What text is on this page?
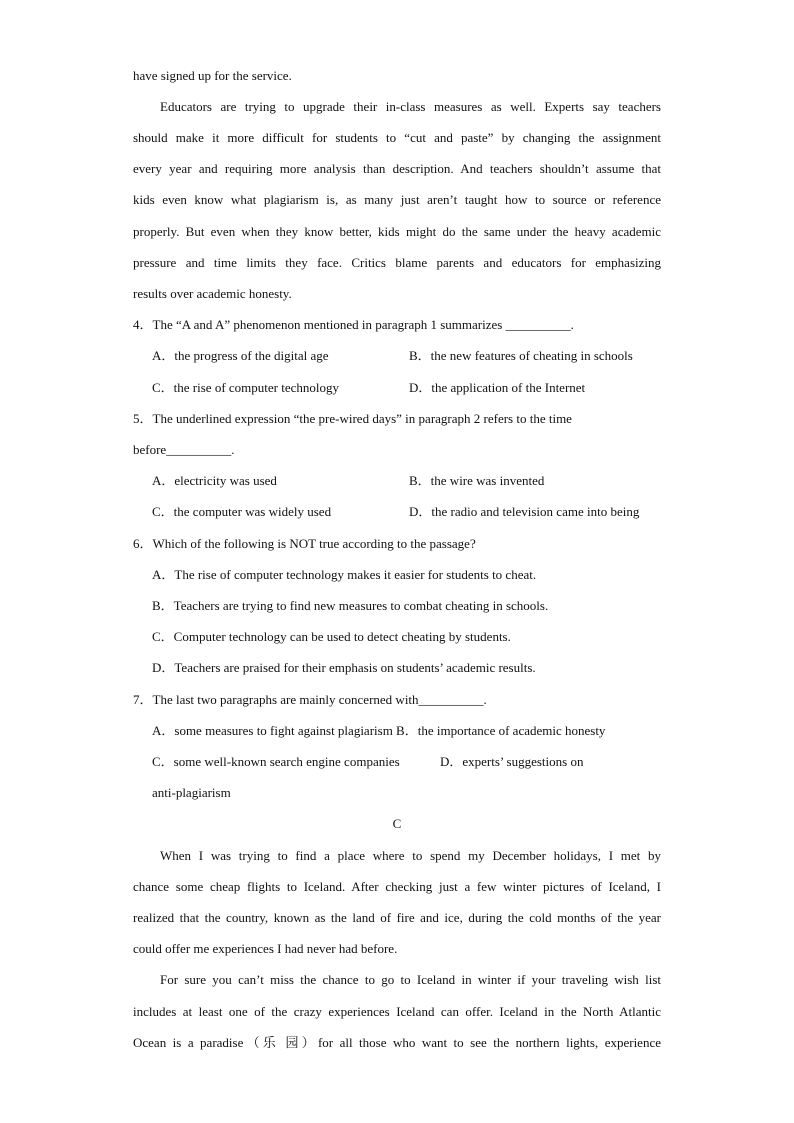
have signed up for the service.
Educators are trying to upgrade their in-class measures as well. Experts say teachers
should make it more difficult for students to “cut and paste” by changing the assignment
every year and requiring more analysis than description. And teachers shouldn’t assume that
kids even know what plagiarism is, as many just aren’t taught how to source or reference
properly. But even when they know better, kids might do the same under the heavy academic
pressure and time limits they face. Critics blame parents and educators for emphasizing
results over academic honesty.
4．The “A and A” phenomenon mentioned in paragraph 1 summarizes __________.
A．the progress of the digital age	B．the new features of cheating in schools
C．the rise of computer technology	D．the application of the Internet
5．The underlined expression “the pre-wired days” in paragraph 2 refers to the time
before__________.
A．electricity was used	B．the wire was invented
C．the computer was widely used	D．the radio and television came into being
6．Which of the following is NOT true according to the passage?
A．The rise of computer technology makes it easier for students to cheat.
B．Teachers are trying to find new measures to combat cheating in schools.
C．Computer technology can be used to detect cheating by students.
D．Teachers are praised for their emphasis on students’ academic results.
7．The last two paragraphs are mainly concerned with__________.
A．some measures to fight against plagiarism B．the importance of academic honesty
C．some well-known search engine companies	D．experts’ suggestions on
anti-plagiarism
C
When I was trying to find a place where to spend my December holidays, I met by
chance some cheap flights to Iceland. After checking just a few winter pictures of Iceland, I
realized that the country, known as the land of fire and ice, during the cold months of the year
could offer me experiences I had never had before.
For sure you can’t miss the chance to go to Iceland in winter if your traveling wish list
includes at least one of the crazy experiences Iceland can offer. Iceland in the North Atlantic
Ocean is a paradise（乐 园）for all those who want to see the northern lights, experience
